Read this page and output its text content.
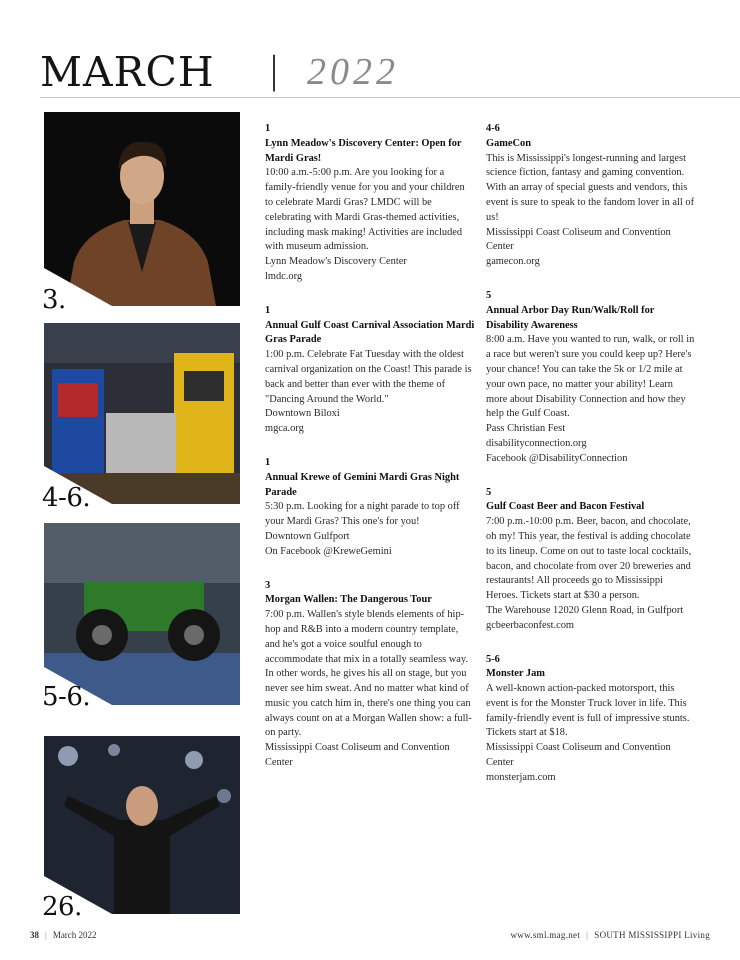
MARCH | 2022
3.
4-6.
5-6.
26.
1
Lynn Meadow's Discovery Center: Open for Mardi Gras!
10:00 a.m.-5:00 p.m. Are you looking for a family-friendly venue for you and your children to celebrate Mardi Gras? LMDC will be celebrating with Mardi Gras-themed activities, including mask making! Activities are included with museum admission.
Lynn Meadow's Discovery Center
lmdc.org
1
Annual Gulf Coast Carnival Association Mardi Gras Parade
1:00 p.m. Celebrate Fat Tuesday with the oldest carnival organization on the Coast! This parade is back and better than ever with the theme of "Dancing Around the World."
Downtown Biloxi
mgca.org
1
Annual Krewe of Gemini Mardi Gras Night Parade
5:30 p.m. Looking for a night parade to top off your Mardi Gras? This one's for you!
Downtown Gulfport
On Facebook @KreweGemini
3
Morgan Wallen: The Dangerous Tour
7:00 p.m. Wallen's style blends elements of hip-hop and R&B into a modern country template, and he's got a voice soulful enough to accommodate that mix in a totally seamless way. In other words, he gives his all on stage, but you never see him sweat. And no matter what kind of music you catch him in, there's one thing you can always count on at a Morgan Wallen show: a full-on party.
Mississippi Coast Coliseum and Convention Center
4-6
GameCon
This is Mississippi's longest-running and largest science fiction, fantasy and gaming convention. With an array of special guests and vendors, this event is sure to speak to the fandom lover in all of us!
Mississippi Coast Coliseum and Convention Center
gamecon.org
5
Annual Arbor Day Run/Walk/Roll for Disability Awareness
8:00 a.m. Have you wanted to run, walk, or roll in a race but weren't sure you could keep up? Here's your chance! You can take the 5k or 1/2 mile at your own pace, no matter your ability! Learn more about Disability Connection and how they help the Gulf Coast.
Pass Christian Fest
disabilityconnection.org
Facebook @DisabilityConnection
5
Gulf Coast Beer and Bacon Festival
7:00 p.m.-10:00 p.m. Beer, bacon, and chocolate, oh my! This year, the festival is adding chocolate to its lineup. Come on out to taste local cocktails, bacon, and chocolate from over 20 breweries and restaurants! All proceeds go to Mississippi Heroes. Tickets start at $30 a person.
The Warehouse 12020 Glenn Road, in Gulfport
gcbeerbaconfest.com
5-6
Monster Jam
A well-known action-packed motorsport, this event is for the Monster Truck lover in life. This family-friendly event is full of impressive stunts. Tickets start at $18.
Mississippi Coast Coliseum and Convention Center
monsterjam.com
38 | March 2022	www.sml.mag.net | SOUTH MISSISSIPPI Living
